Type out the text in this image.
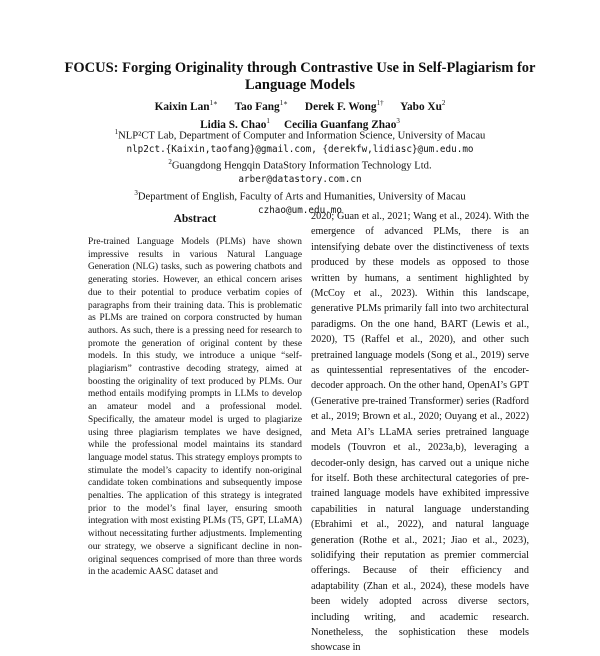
FOCUS: Forging Originality through Contrastive Use in Self-Plagiarism for Language Models
Kaixin Lan$^{1∗}$ Tao Fang$^{1∗}$ Derek F. Wong$^{1\dagger}$ Yabo Xu$^2$
Lidia S. Chao$^1$ Cecilia Guanfang Zhao$^3$
$^1$NLP²CT Lab, Department of Computer and Information Science, University of Macau
nlp2ct.{Kaixin,taofang}@gmail.com, {derekfw,lidiasc}@um.edu.mo
$^2$Guangdong Hengqin DataStory Information Technology Ltd.
arber@datastory.com.cn
$^3$Department of English, Faculty of Arts and Humanities, University of Macau
czhao@um.edu.mo
Abstract

Pre-trained Language Models (PLMs) have shown impressive results in various Natural Language Generation (NLG) tasks, such as powering chatbots and generating stories. However, an ethical concern arises due to their potential to produce verbatim copies of paragraphs from their training data. This is problematic as PLMs are trained on corpora constructed by human authors. As such, there is a pressing need for research to promote the generation of original content by these models. In this study, we introduce a unique “self-plagiarism” contrastive decoding strategy, aimed at boosting the originality of text produced by PLMs. Our method entails modifying prompts in LLMs to develop an amateur model and a professional model. Specifically, the amateur model is urged to plagiarize using three plagiarism templates we have designed, while the professional model maintains its standard language model status. This strategy employs prompts to stimulate the model’s capacity to identify non-original candidate token combinations and subsequently impose penalties. The application of this strategy is integrated prior to the model’s final layer, ensuring smooth integration with most existing PLMs (T5, GPT, LLaMA) without necessitating further adjustments. Implementing our strategy, we observe a significant decline in non-original sequences comprised of more than three words in the academic AASC dataset and

2020; Guan et al., 2021; Wang et al., 2024). With the emergence of advanced PLMs, there is an intensifying debate over the distinctiveness of texts produced by these models as opposed to those written by humans, a sentiment highlighted by (McCoy et al., 2023). Within this landscape, generative PLMs primarily fall into two architectural paradigms. On the one hand, BART (Lewis et al., 2020), T5 (Raffel et al., 2020), and other such pretrained language models (Song et al., 2019) serve as quintessential representatives of the encoder-decoder approach. On the other hand, OpenAI’s GPT (Generative pre-trained Transformer) series (Radford et al., 2019; Brown et al., 2020; Ouyang et al., 2022) and Meta AI’s LLaMA series pretrained language models (Touvron et al., 2023a,b), leveraging a decoder-only design, has carved out a unique niche for itself. Both these architectural categories of pre-trained language models have exhibited impressive capabilities in natural language understanding (Ebrahimi et al., 2022), and natural language generation (Rothe et al., 2021; Jiao et al., 2023), solidifying their reputation as premier commercial offerings. Because of their efficiency and adaptability (Zhan et al., 2024), these models have been widely adopted across diverse sectors, including writing, and academic research. Nonetheless, the sophistication these models showcase in
